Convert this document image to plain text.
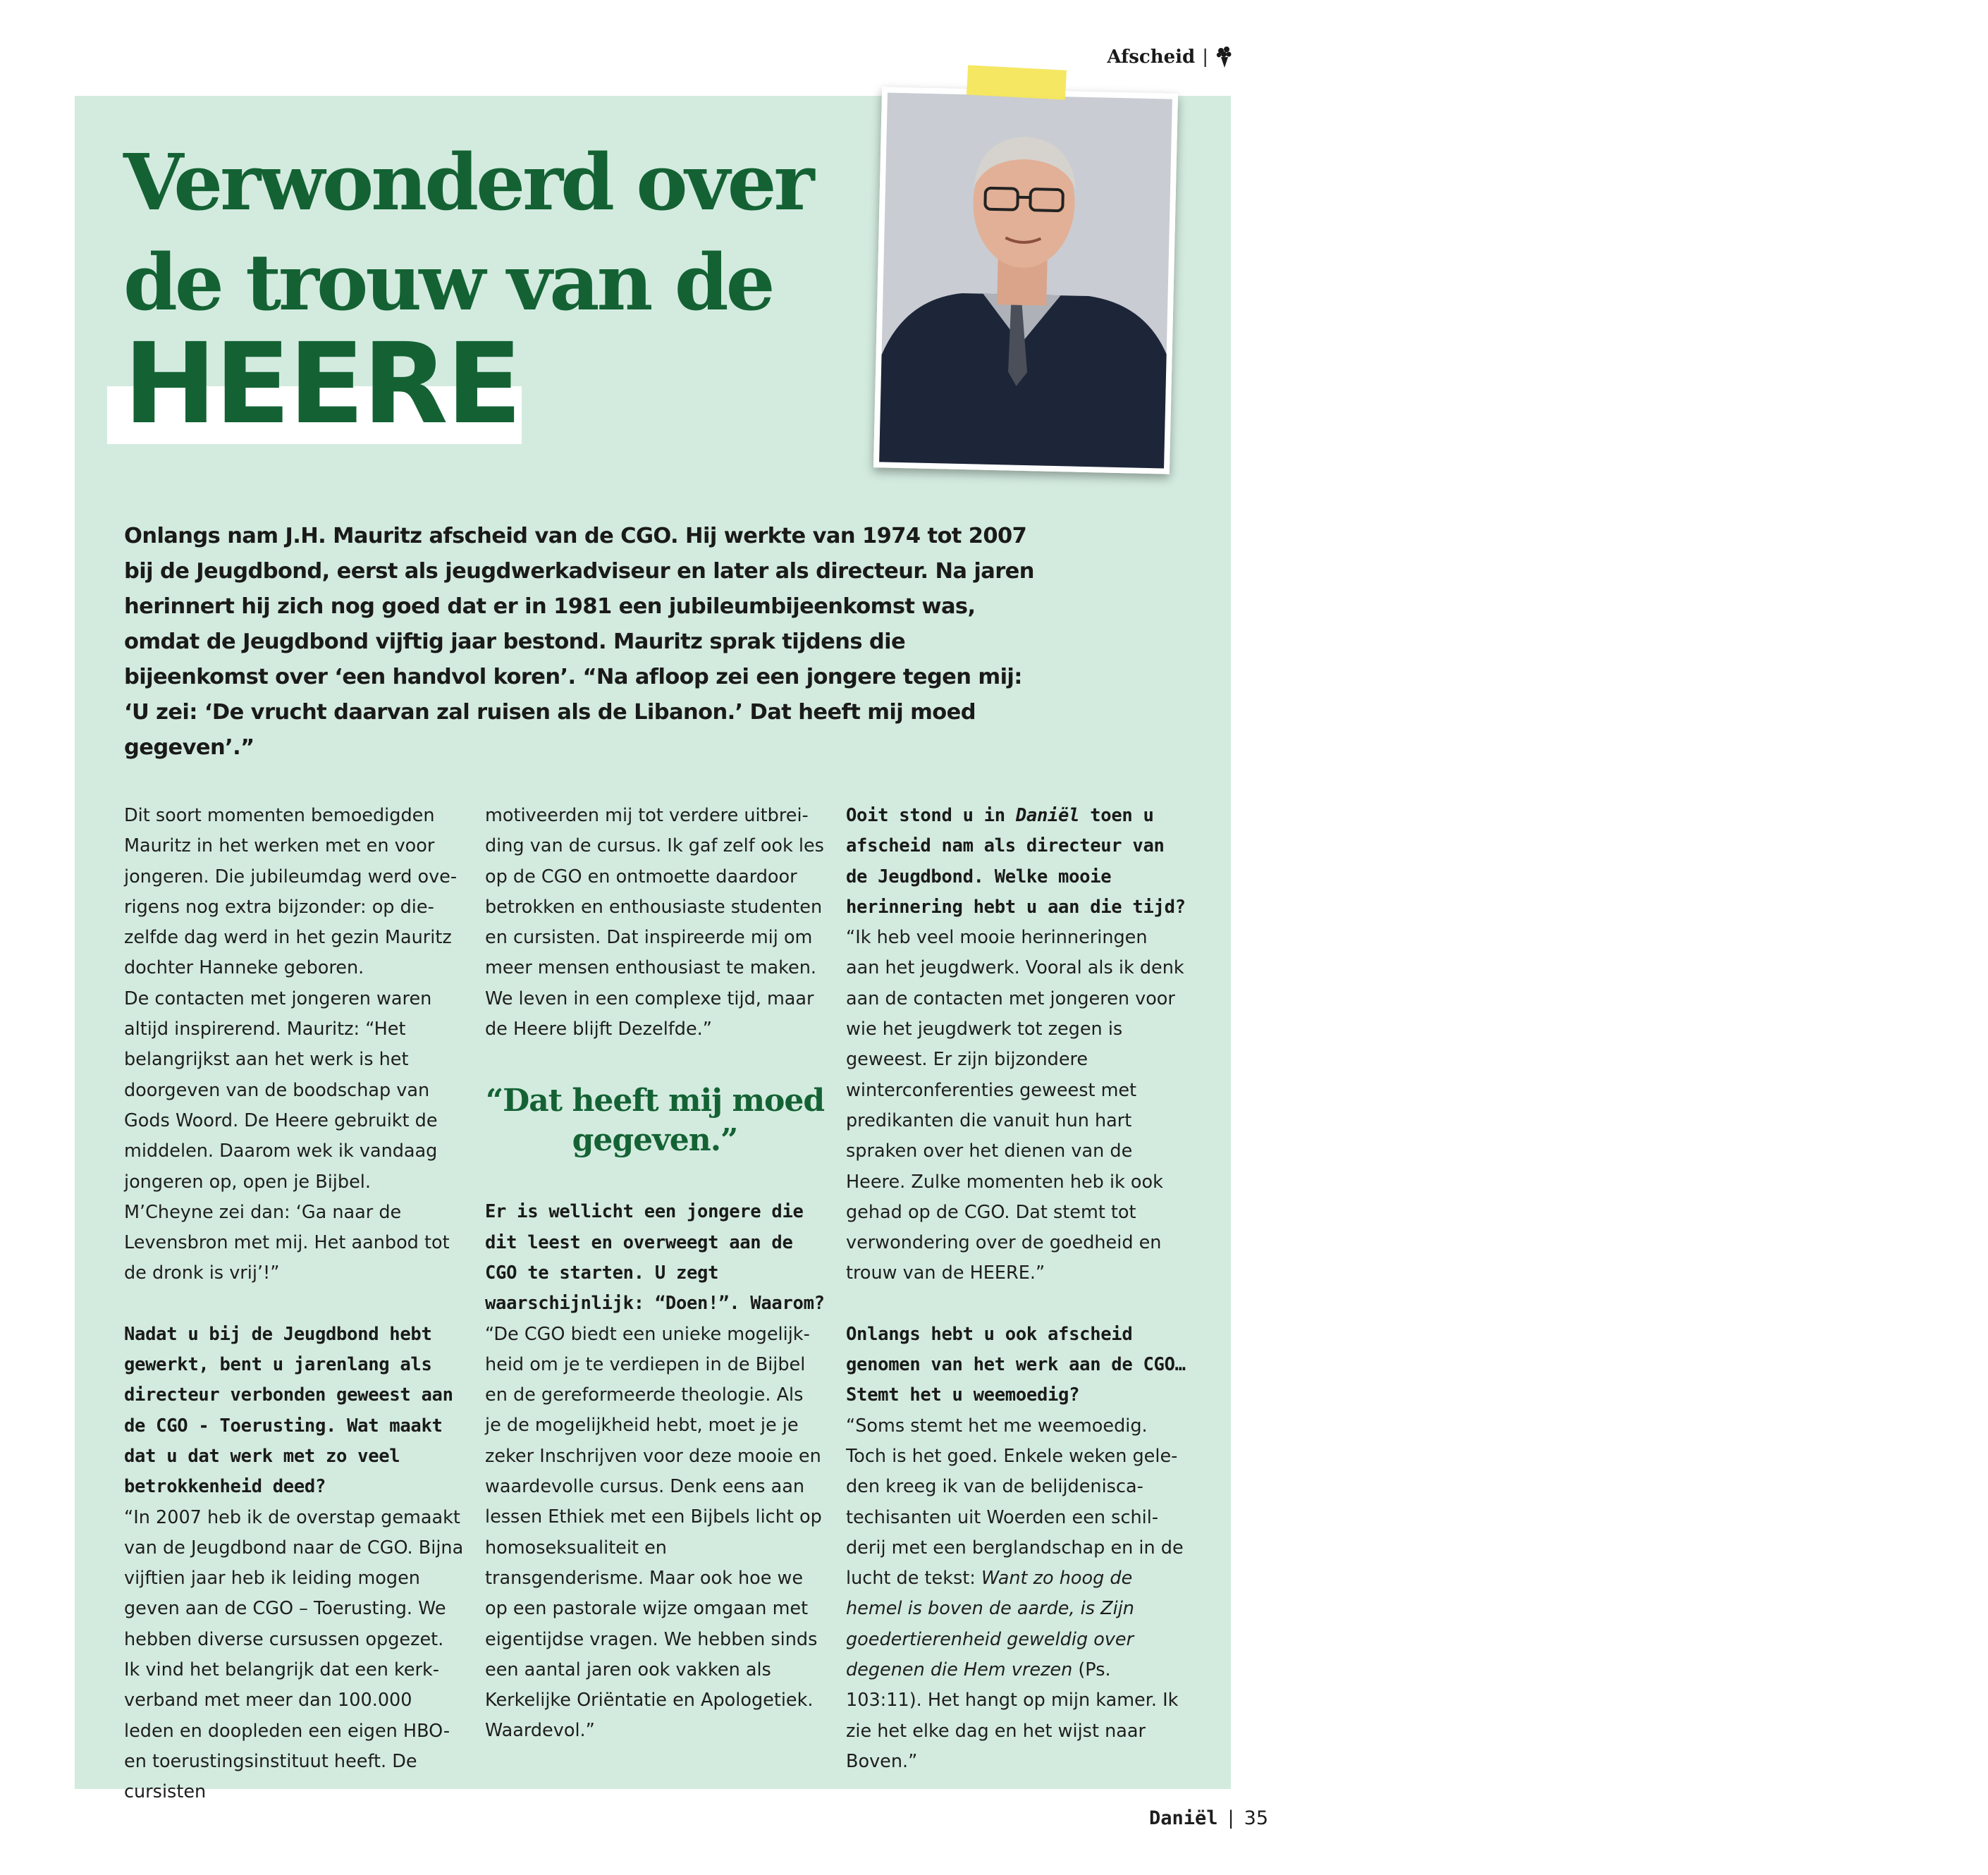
Afscheid |
Verwonderd over
de trouw van de
HEERE
Dhr. J.H. Mauritz

Onlangs nam J.H. Mauritz afscheid van de CGO. Hij werkte van 1974 tot 2007 bij de Jeugdbond, eerst als jeugdwerkadviseur en later als directeur. Na jaren herinnert hij zich nog goed dat er in 1981 een jubileumbijeenkomst was, omdat de Jeugdbond vijftig jaar bestond. Mauritz sprak tijdens die bijeenkomst over ‘een handvol koren’. “Na afloop zei een jongere tegen mij: ‘U zei: ‘De vrucht daarvan zal ruisen als de Libanon.’ Dat heeft mij moed gegeven’.”

Dit soort momenten bemoedigden Mauritz in het werken met en voor jongeren. Die jubileumdag werd overigens nog extra bijzonder: op diezelfde dag werd in het gezin Mauritz dochter Hanneke geboren.

De contacten met jongeren waren altijd inspirerend. Mauritz: “Het belangrijkst aan het werk is het doorgeven van de boodschap van Gods Woord. De Heere gebruikt de middelen. Daarom wek ik vandaag jongeren op, open je Bijbel. M’Cheyne zei dan: ‘Ga naar de Levensbron met mij. Het aanbod tot de dronk is vrij’!”

Nadat u bij de Jeugdbond hebt gewerkt, bent u jarenlang als directeur verbonden geweest aan de CGO - Toerusting. Wat maakt dat u dat werk met zo veel betrokkenheid deed?

“In 2007 heb ik de overstap gemaakt van de Jeugdbond naar de CGO. Bijna vijftien jaar heb ik leiding mogen geven aan de CGO – Toerusting. We hebben diverse cursussen opgezet. Ik vind het belangrijk dat een kerkverband met meer dan 100.000 leden en doopleden een eigen HBO- en toerustingsinstituut heeft. De cursisten

motiveerden mij tot verdere uitbreiding van de cursus. Ik gaf zelf ook les op de CGO en ontmoette daardoor betrokken en enthousiaste studenten en cursisten. Dat inspireerde mij om meer mensen enthousiast te maken. We leven in een complexe tijd, maar de Heere blijft Dezelfde.”

“Dat heeft mij moed gegeven.”

Er is wellicht een jongere die dit leest en overweegt aan de CGO te starten. U zegt waarschijnlijk: “Doen!”. Waarom?

“De CGO biedt een unieke mogelijkheid om je te verdiepen in de Bijbel en de gereformeerde theologie. Als je de mogelijkheid hebt, moet je je zeker Inschrijven voor deze mooie en waardevolle cursus. Denk eens aan lessen Ethiek met een Bijbels licht op homoseksualiteit en transgenderisme. Maar ook hoe we op een pastorale wijze omgaan met eigentijdse vragen. We hebben sinds een aantal jaren ook vakken als Kerkelijke Oriëntatie en Apologetiek. Waardevol.”

Ooit stond u in Daniël toen u afscheid nam als directeur van de Jeugdbond. Welke mooie herinnering hebt u aan die tijd?

“Ik heb veel mooie herinneringen aan het jeugdwerk. Vooral als ik denk aan de contacten met jongeren voor wie het jeugdwerk tot zegen is geweest. Er zijn bijzondere winterconferenties geweest met predikanten die vanuit hun hart spraken over het dienen van de Heere. Zulke momenten heb ik ook gehad op de CGO. Dat stemt tot verwondering over de goedheid en trouw van de HEERE.”

Onlangs hebt u ook afscheid genomen van het werk aan de CGO… Stemt het u weemoedig?

“Soms stemt het me weemoedig. Toch is het goed. Enkele weken geleden kreeg ik van de belijdeniscatechisanten uit Woerden een schilderij met een berglandschap en in de lucht de tekst: Want zo hoog de hemel is boven de aarde, is Zijn goedertierenheid geweldig over degenen die Hem vrezen (Ps. 103:11). Het hangt op mijn kamer. Ik zie het elke dag en het wijst naar Boven.”

Daniël | 35
